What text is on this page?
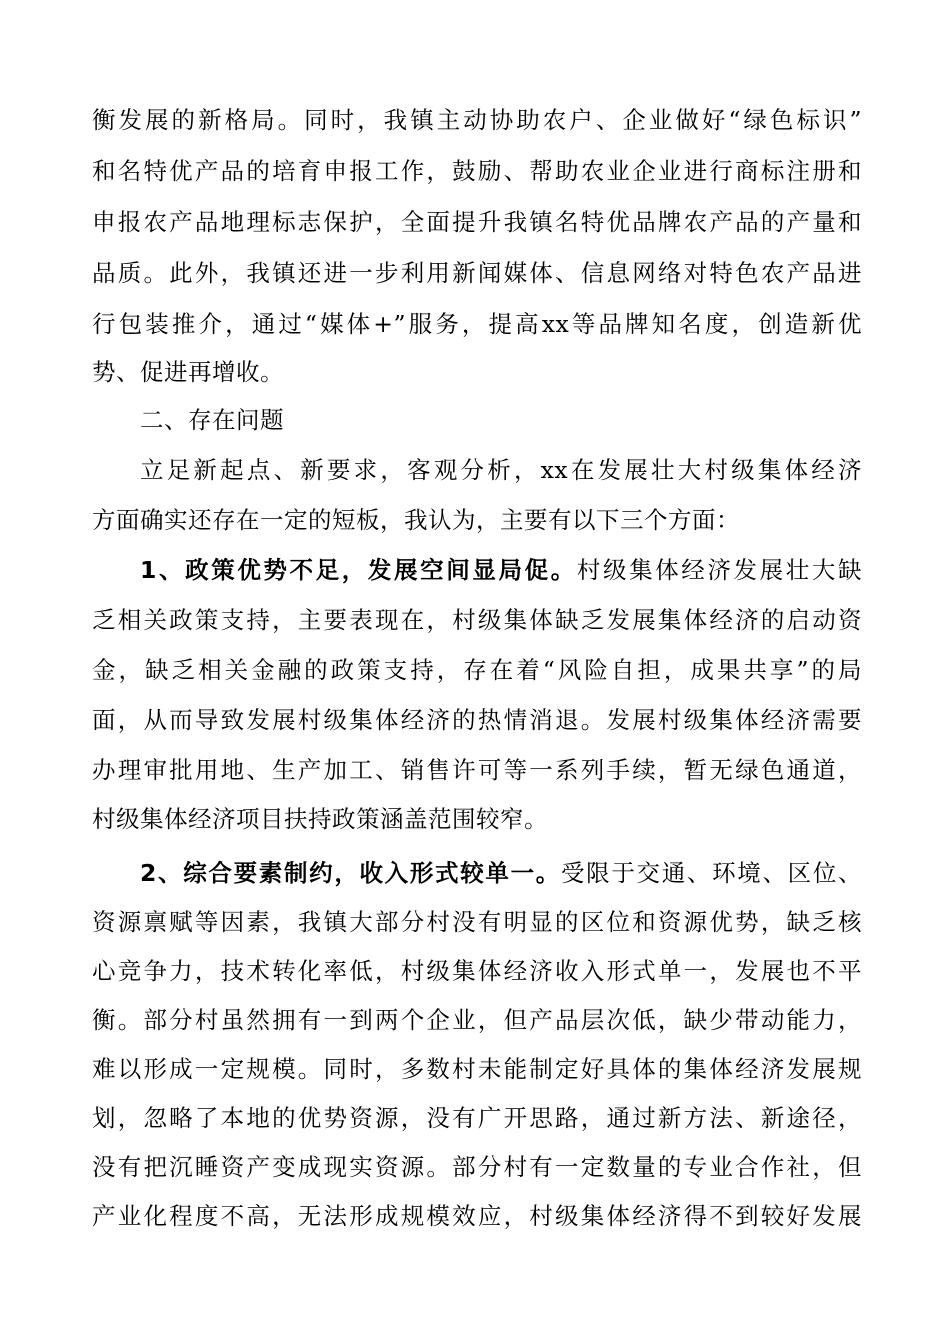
衡发展的新格局。同时，我镇主动协助农户、企业做好“绿色标识”
和名特优产品的培育申报工作，鼓励、帮助农业企业进行商标注册和
申报农产品地理标志保护，全面提升我镇名特优品牌农产品的产量和
品质。此外，我镇还进一步利用新闻媒体、信息网络对特色农产品进
行包装推介，通过“媒体+”服务，提高xx等品牌知名度，创造新优
势、促进再增收。
二、存在问题
立足新起点、新要求，客观分析，xx在发展壮大村级集体经济
方面确实还存在一定的短板，我认为，主要有以下三个方面：
1、政策优势不足，发展空间显局促。村级集体经济发展壮大缺
乏相关政策支持，主要表现在，村级集体缺乏发展集体经济的启动资
金，缺乏相关金融的政策支持，存在着“风险自担，成果共享”的局
面，从而导致发展村级集体经济的热情消退。发展村级集体经济需要
办理审批用地、生产加工、销售许可等一系列手续，暂无绿色通道，
村级集体经济项目扶持政策涵盖范围较窄。
2、综合要素制约，收入形式较单一。受限于交通、环境、区位、
资源禀赋等因素，我镇大部分村没有明显的区位和资源优势，缺乏核
心竞争力，技术转化率低，村级集体经济收入形式单一，发展也不平
衡。部分村虽然拥有一到两个企业，但产品层次低，缺少带动能力，
难以形成一定规模。同时，多数村未能制定好具体的集体经济发展规
划，忽略了本地的优势资源，没有广开思路，通过新方法、新途径，
没有把沉睡资产变成现实资源。部分村有一定数量的专业合作社，但
产业化程度不高，无法形成规模效应，村级集体经济得不到较好发展
